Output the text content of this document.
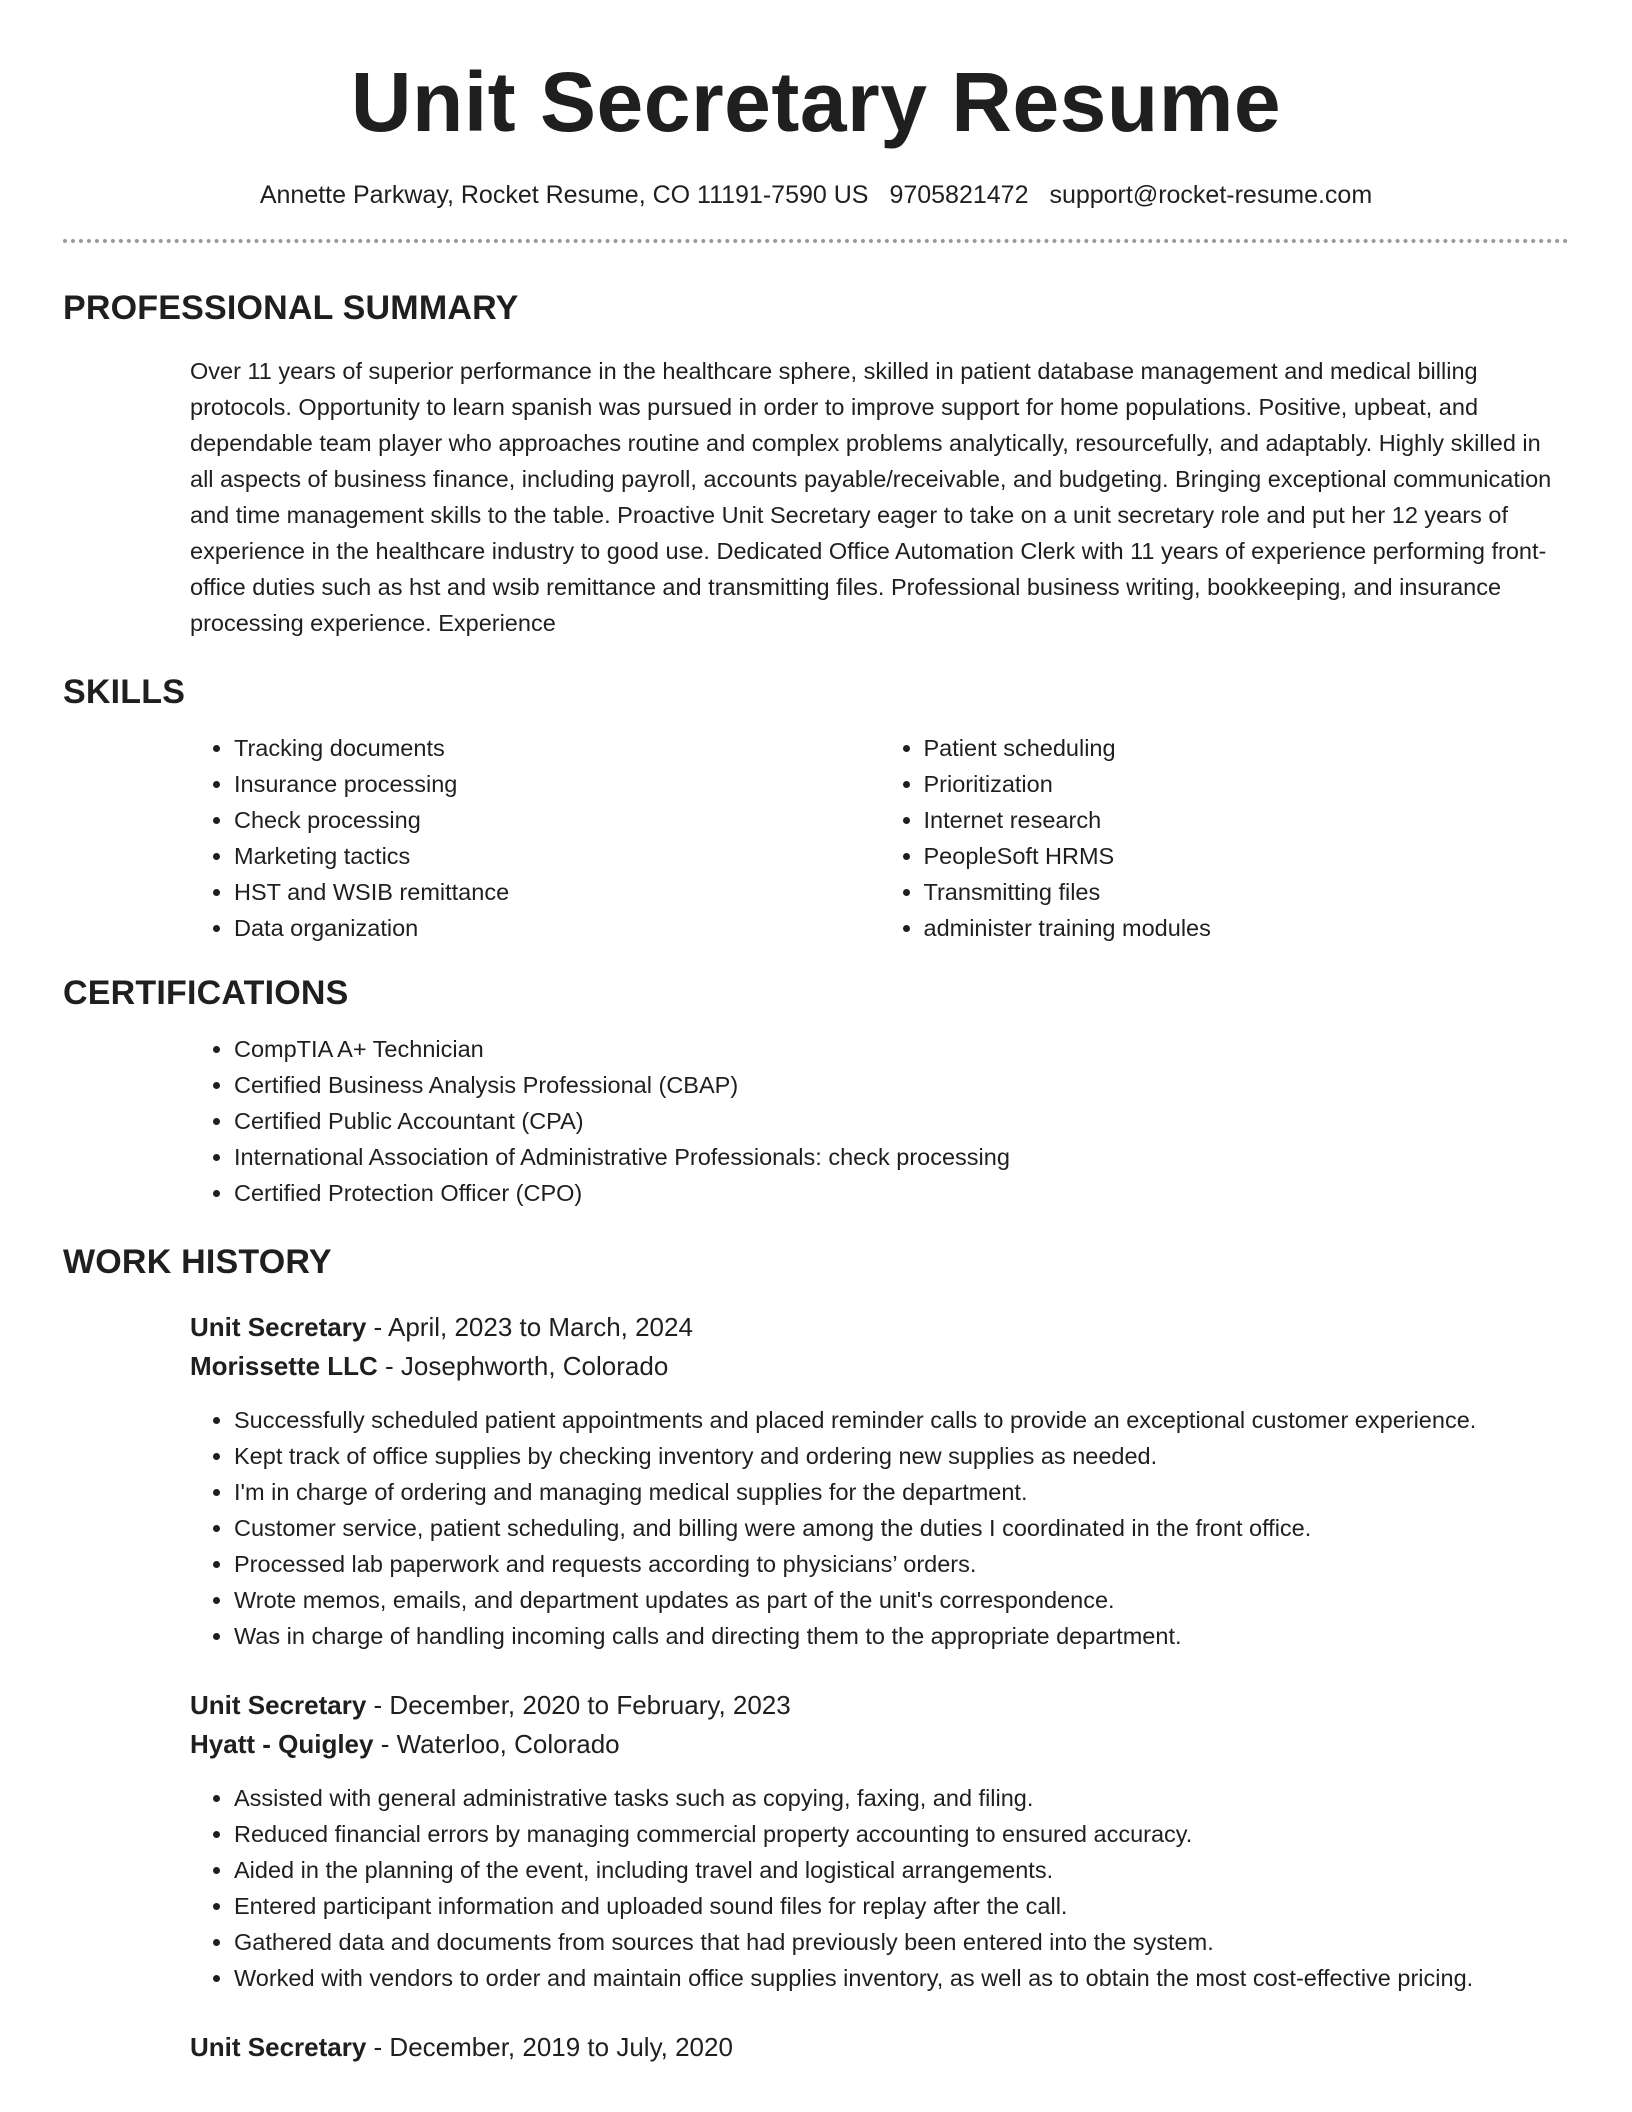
Unit Secretary Resume
Annette Parkway, Rocket Resume, CO 11191-7590 US 9705821472 support@rocket-resume.com
PROFESSIONAL SUMMARY

Over 11 years of superior performance in the healthcare sphere, skilled in patient database management and medical billing protocols. Opportunity to learn spanish was pursued in order to improve support for home populations. Positive, upbeat, and dependable team player who approaches routine and complex problems analytically, resourcefully, and adaptably. Highly skilled in all aspects of business finance, including payroll, accounts payable/receivable, and budgeting. Bringing exceptional communication and time management skills to the table. Proactive Unit Secretary eager to take on a unit secretary role and put her 12 years of experience in the healthcare industry to good use. Dedicated Office Automation Clerk with 11 years of experience performing front-office duties such as hst and wsib remittance and transmitting files. Professional business writing, bookkeeping, and insurance processing experience. Experience

SKILLS
• Tracking documents
• Insurance processing
• Check processing
• Marketing tactics
• HST and WSIB remittance
• Data organization
• Patient scheduling
• Prioritization
• Internet research
• PeopleSoft HRMS
• Transmitting files
• administer training modules
CERTIFICATIONS
• CompTIA A+ Technician
• Certified Business Analysis Professional (CBAP)
• Certified Public Accountant (CPA)
• International Association of Administrative Professionals: check processing
• Certified Protection Officer (CPO)
WORK HISTORY
Unit Secretary - April, 2023 to March, 2024
Morissette LLC - Josephworth, Colorado
• Successfully scheduled patient appointments and placed reminder calls to provide an exceptional customer experience.
• Kept track of office supplies by checking inventory and ordering new supplies as needed.
• I'm in charge of ordering and managing medical supplies for the department.
• Customer service, patient scheduling, and billing were among the duties I coordinated in the front office.
• Processed lab paperwork and requests according to physicians’ orders.
• Wrote memos, emails, and department updates as part of the unit's correspondence.
• Was in charge of handling incoming calls and directing them to the appropriate department.
Unit Secretary - December, 2020 to February, 2023
Hyatt - Quigley - Waterloo, Colorado
• Assisted with general administrative tasks such as copying, faxing, and filing.
• Reduced financial errors by managing commercial property accounting to ensured accuracy.
• Aided in the planning of the event, including travel and logistical arrangements.
• Entered participant information and uploaded sound files for replay after the call.
• Gathered data and documents from sources that had previously been entered into the system.
• Worked with vendors to order and maintain office supplies inventory, as well as to obtain the most cost-effective pricing.
Unit Secretary - December, 2019 to July, 2020
